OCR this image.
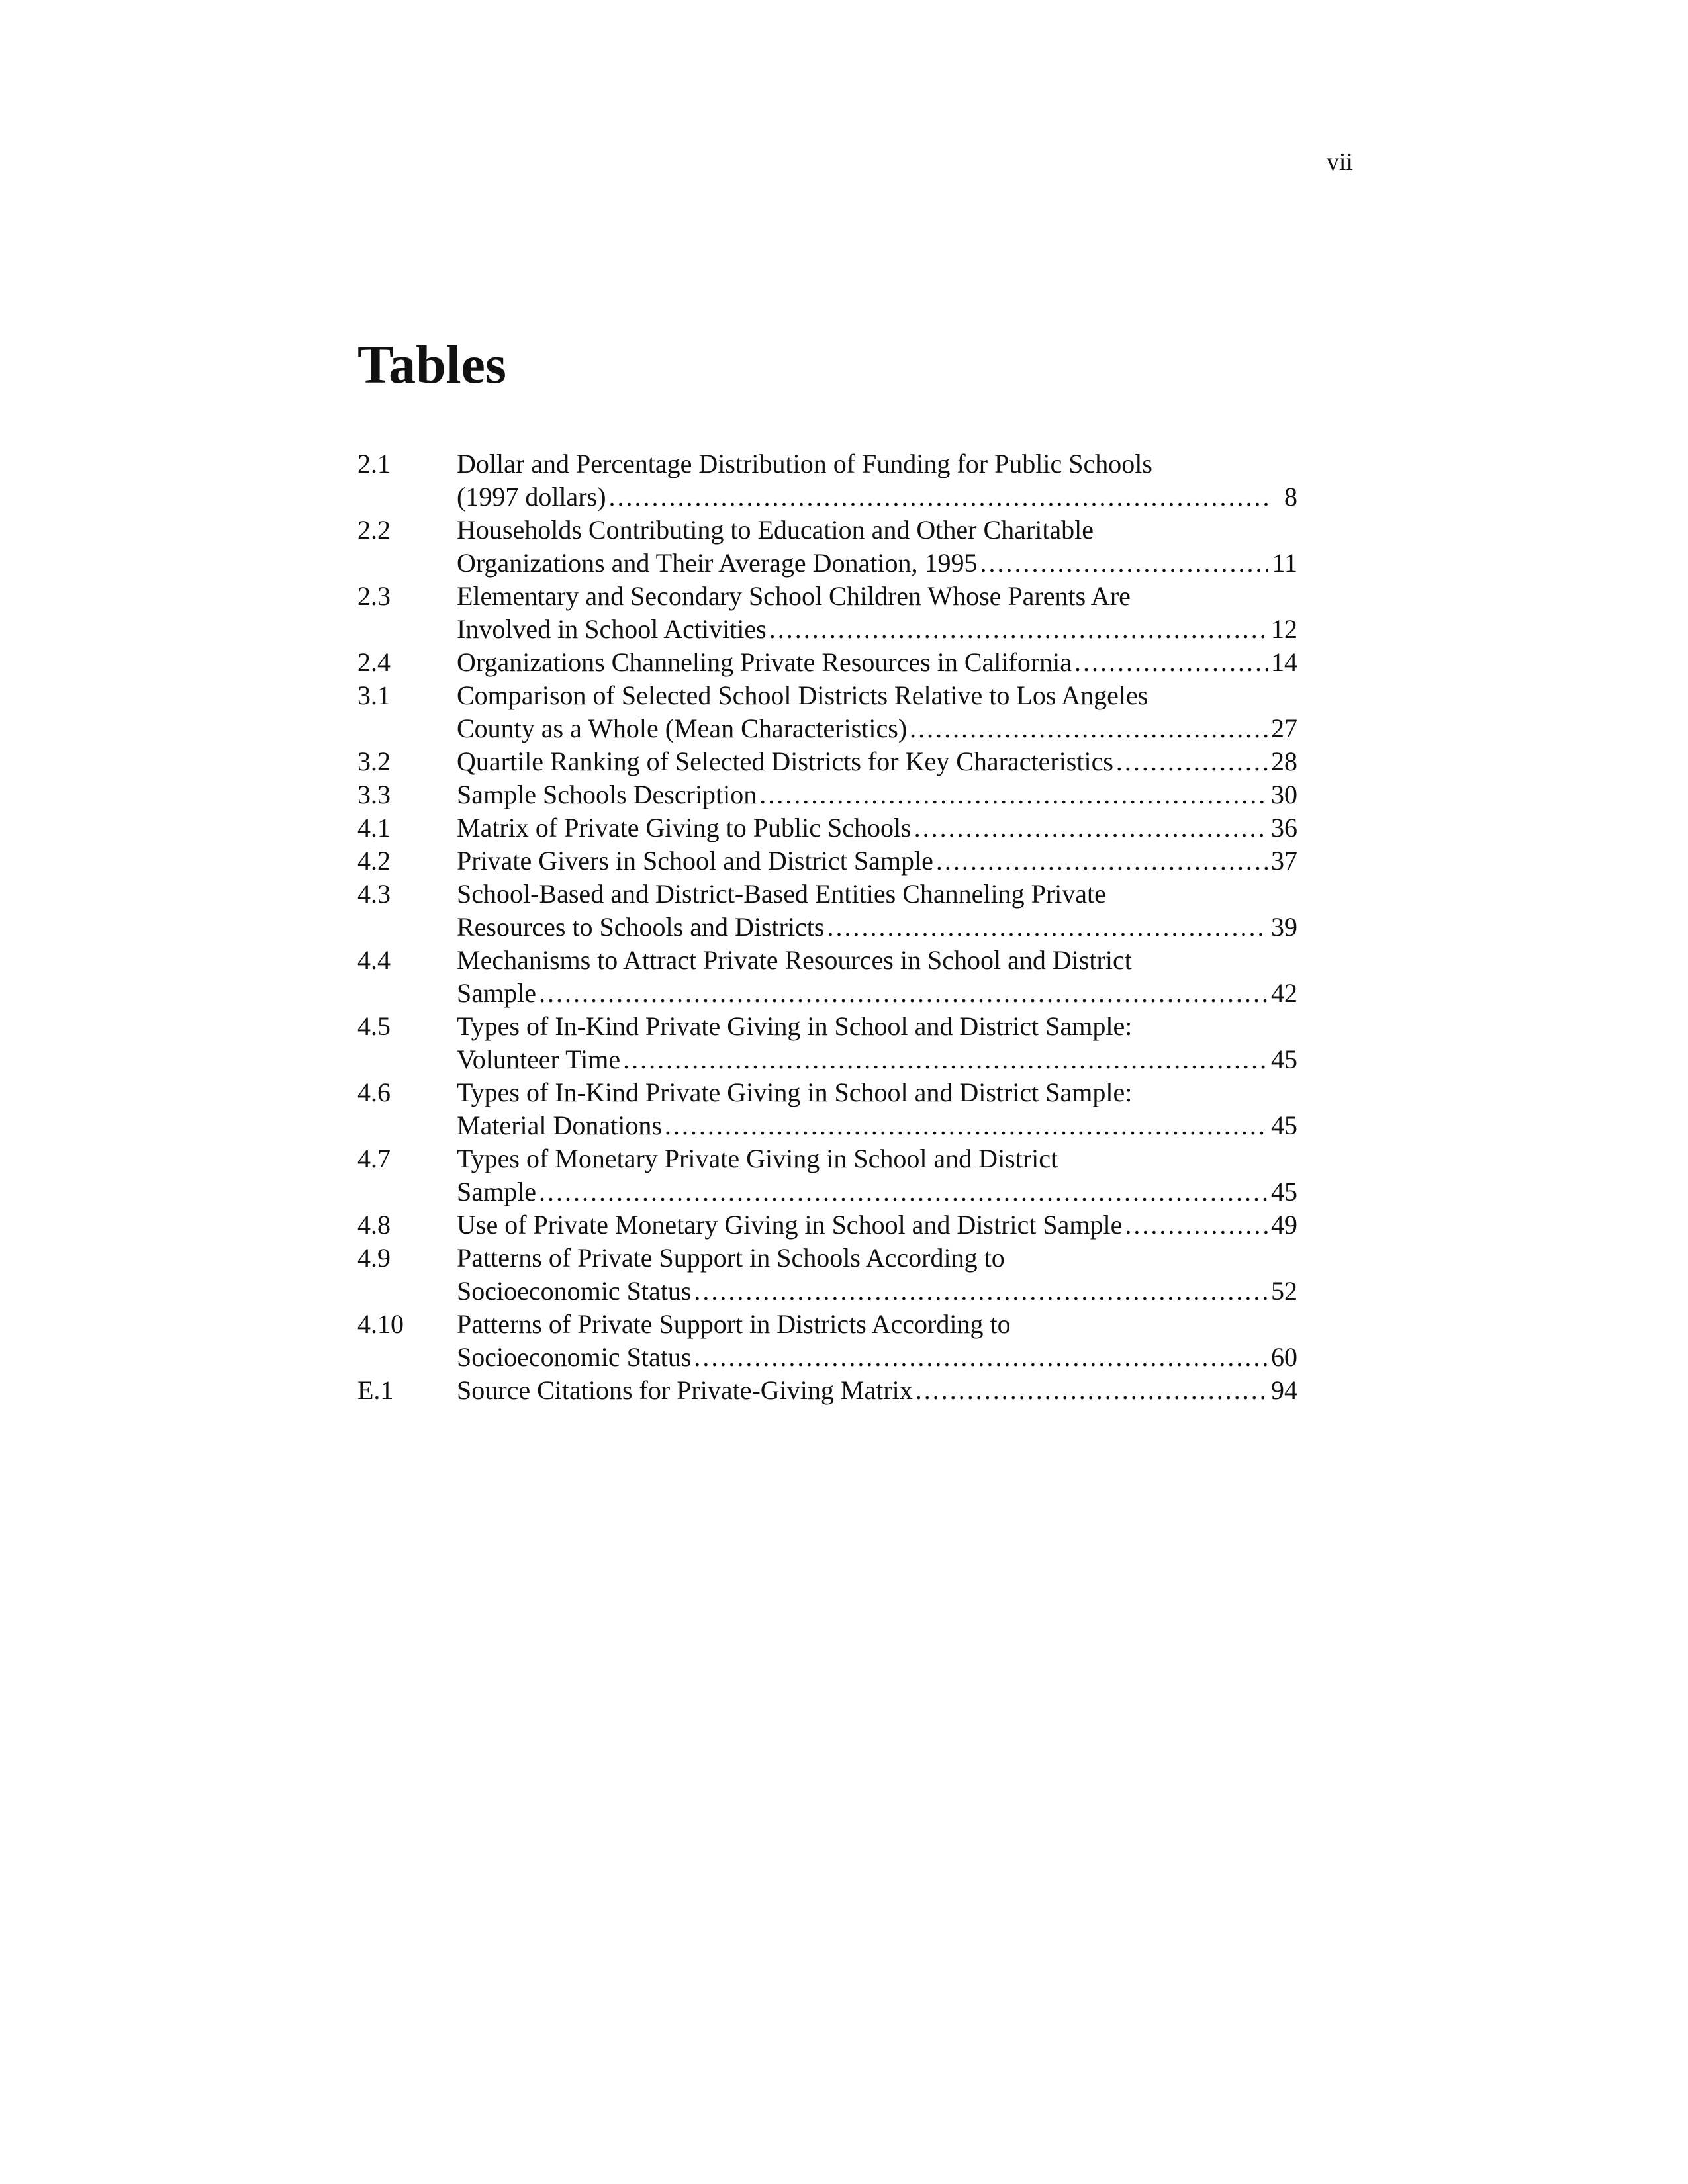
vii
Tables
2.1	Dollar and Percentage Distribution of Funding for Public Schools
(1997 dollars) .....	8
2.2	Households Contributing to Education and Other Charitable
Organizations and Their Average Donation, 1995 .....	11
2.3	Elementary and Secondary School Children Whose Parents Are
Involved in School Activities .....	12
2.4	Organizations Channeling Private Resources in California .....	14
3.1	Comparison of Selected School Districts Relative to Los Angeles
County as a Whole (Mean Characteristics) .....	27
3.2	Quartile Ranking of Selected Districts for Key Characteristics .....	28
3.3	Sample Schools Description .....	30
4.1	Matrix of Private Giving to Public Schools .....	36
4.2	Private Givers in School and District Sample .....	37
4.3	School-Based and District-Based Entities Channeling Private
Resources to Schools and Districts .....	39
4.4	Mechanisms to Attract Private Resources in School and District
Sample .....	42
4.5	Types of In-Kind Private Giving in School and District Sample:
Volunteer Time .....	45
4.6	Types of In-Kind Private Giving in School and District Sample:
Material Donations .....	45
4.7	Types of Monetary Private Giving in School and District
Sample .....	45
4.8	Use of Private Monetary Giving in School and District Sample .....	49
4.9	Patterns of Private Support in Schools According to
Socioeconomic Status .....	52
4.10	Patterns of Private Support in Districts According to
Socioeconomic Status .....	60
E.1	Source Citations for Private-Giving Matrix .....	94
